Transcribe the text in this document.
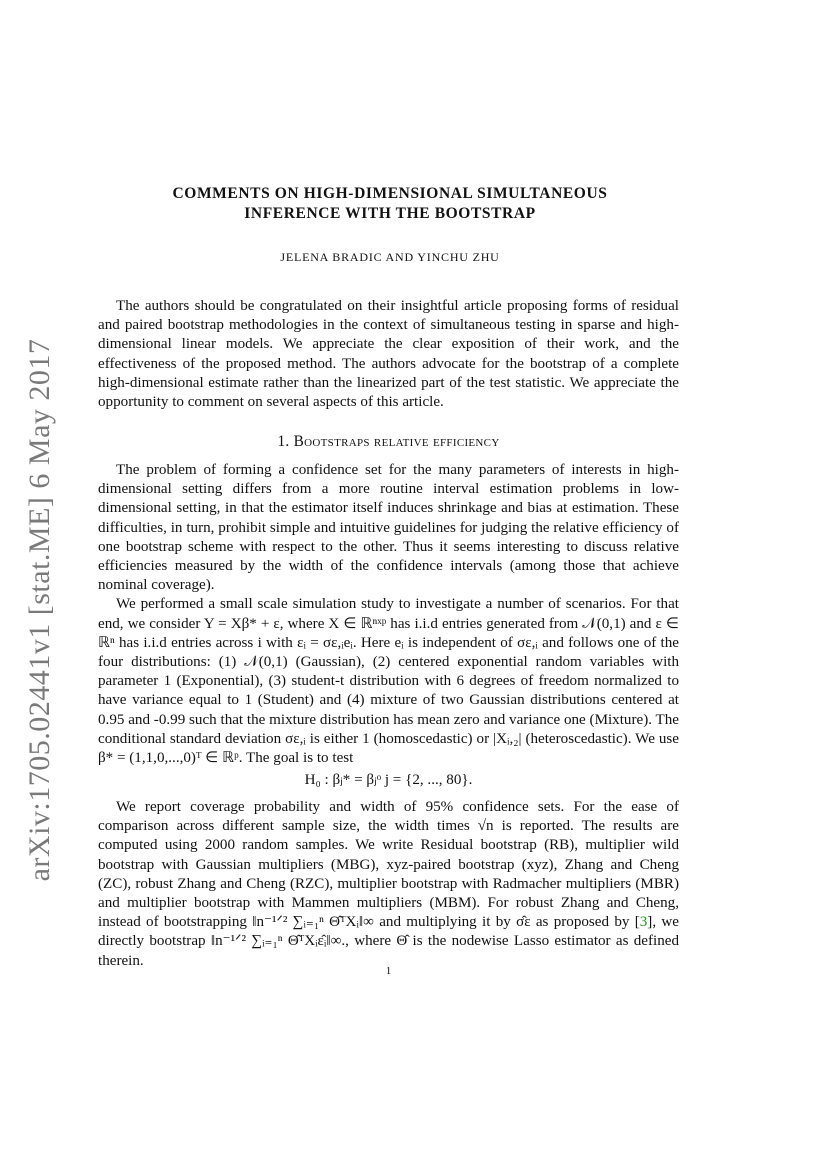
arXiv:1705.02441v1 [stat.ME] 6 May 2017
COMMENTS ON HIGH-DIMENSIONAL SIMULTANEOUS
INFERENCE WITH THE BOOTSTRAP
JELENA BRADIC AND YINCHU ZHU
The authors should be congratulated on their insightful article proposing forms of residual and paired bootstrap methodologies in the context of simultaneous testing in sparse and high-dimensional linear models. We appreciate the clear exposition of their work, and the effectiveness of the proposed method. The authors advocate for the bootstrap of a complete high-dimensional estimate rather than the linearized part of the test statistic. We appreciate the opportunity to comment on several aspects of this article.
1. Bootstraps relative efficiency

The problem of forming a confidence set for the many parameters of interests in high-dimensional setting differs from a more routine interval estimation problems in low-dimensional setting, in that the estimator itself induces shrinkage and bias at estimation. These difficulties, in turn, prohibit simple and intuitive guidelines for judging the relative efficiency of one bootstrap scheme with respect to the other. Thus it seems interesting to discuss relative efficiencies measured by the width of the confidence intervals (among those that achieve nominal coverage).

We performed a small scale simulation study to investigate a number of scenarios. For that end, we consider Y = Xβ* + ε, where X ∈ ℝⁿˣᵖ has i.i.d entries generated from 𝒩(0,1) and ε ∈ ℝⁿ has i.i.d entries across i with εᵢ = σε,ᵢeᵢ. Here eᵢ is independent of σε,ᵢ and follows one of the four distributions: (1) 𝒩(0,1) (Gaussian), (2) centered exponential random variables with parameter 1 (Exponential), (3) student-t distribution with 6 degrees of freedom normalized to have variance equal to 1 (Student) and (4) mixture of two Gaussian distributions centered at 0.95 and -0.99 such that the mixture distribution has mean zero and variance one (Mixture). The conditional standard deviation σε,ᵢ is either 1 (homoscedastic) or |Xᵢ,₂| (heteroscedastic). We use β* = (1,1,0,...,0)ᵀ ∈ ℝᵖ. The goal is to test

H₀ : βⱼ* = βⱼᵒ j = {2, ..., 80}.

We report coverage probability and width of 95% confidence sets. For the ease of comparison across different sample size, the width times √n is reported. The results are computed using 2000 random samples. We write Residual bootstrap (RB), multiplier wild bootstrap with Gaussian multipliers (MBG), xyz-paired bootstrap (xyz), Zhang and Cheng (ZC), robust Zhang and Cheng (RZC), multiplier bootstrap with Radmacher multipliers (MBR) and multiplier bootstrap with Mammen multipliers (MBM). For robust Zhang and Cheng, instead of bootstrapping ‖n⁻¹ᐟ² ∑ᵢ₌₁ⁿ Θ̂ᵀXᵢ‖∞ and multiplying it by σ̂ε as proposed by [3], we directly bootstrap ‖n⁻¹ᐟ² ∑ᵢ₌₁ⁿ Θ̂ᵀXᵢε̂ᵢ‖∞., where Θ̂ is the nodewise Lasso estimator as defined therein.

1
